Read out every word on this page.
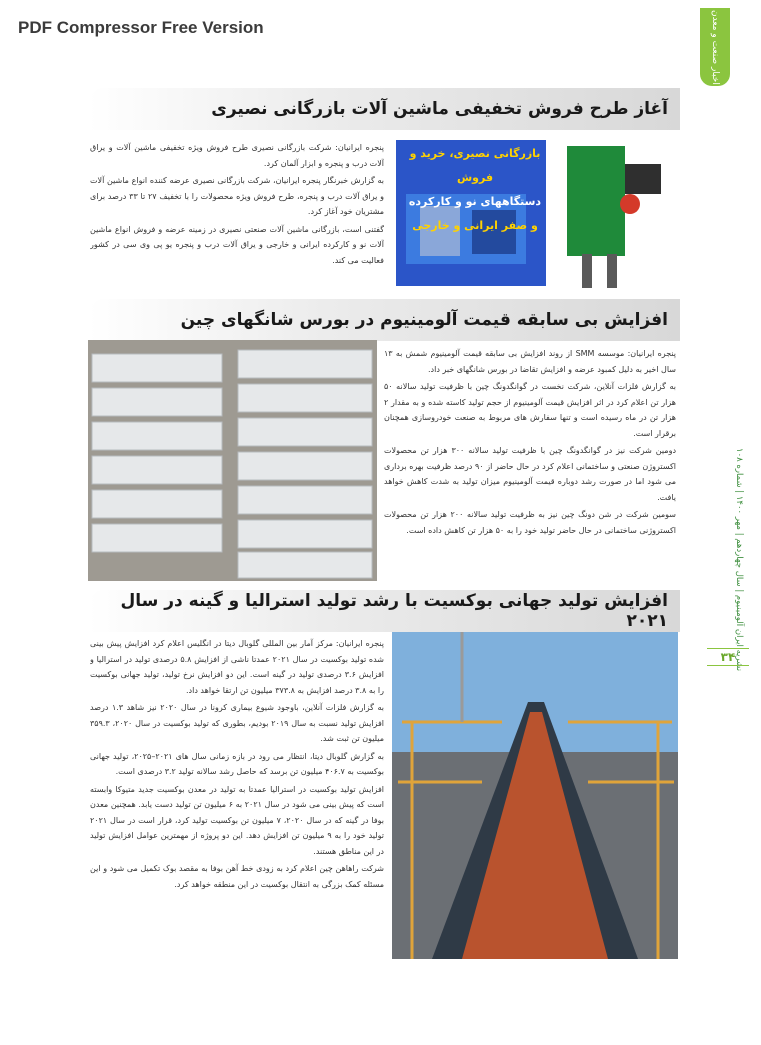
PDF Compressor Free Version	اخبار صنعت و معدن
نشریه ایران آلومینیوم | سال چهاردهم | مهر ۱۴۰۰ | شماره ۱۰۸
۳۴
آغاز طرح فروش تخفیفی ماشین آلات بازرگانی نصیری
بازرگانی نصیری، خرید و فروش
دستگاههای نو و کارکرده
و صفر ایرانی و خارجی

پنجره ایرانیان: شرکت بازرگانی نصیری طرح فروش ویژه تخفیفی ماشین آلات و یراق آلات درب و پنجره و ابزار آلمان کرد.

به گزارش خبرنگار پنجره ایرانیان، شرکت بازرگانی نصیری عرضه کننده انواع ماشین آلات و یراق آلات درب و پنجره، طرح فروش ویژه محصولات را با تخفیف ۲۷ تا ۳۳ درصد برای مشتریان خود آغاز کرد.

گفتنی است، بازرگانی ماشین آلات صنعتی نصیری در زمینه عرضه و فروش انواع ماشین آلات نو و کارکرده ایرانی و خارجی و یراق آلات درب و پنجره یو پی وی سی در کشور فعالیت می کند.

افزایش بی سابقه قیمت آلومینیوم در بورس شانگهای چین

پنجره ایرانیان: موسسه SMM از روند افزایش بی سابقه قیمت آلومینیوم شمش به ۱۳ سال اخیر به دلیل کمبود عرضه و افزایش تقاضا در بورس شانگهای خبر داد.

به گزارش فلزات آنلاین، شرکت نخست در گوانگدونگ چین با ظرفیت تولید سالانه ۵۰ هزار تن اعلام کرد در اثر افزایش قیمت آلومینیوم از حجم تولید کاسته شده و به مقدار ۲ هزار تن در ماه رسیده است و تنها سفارش های مربوط به صنعت خودروسازی همچنان برقرار است.

دومین شرکت نیز در گوانگدونگ چین با ظرفیت تولید سالانه ۳۰۰ هزار تن محصولات اکستروژن صنعتی و ساختمانی اعلام کرد در حال حاضر از ۹۰ درصد ظرفیت بهره برداری می شود اما در صورت رشد دوباره قیمت آلومینیوم میزان تولید به شدت کاهش خواهد یافت.

سومین شرکت در شن دونگ چین نیز به ظرفیت تولید سالانه ۲۰۰ هزار تن محصولات اکستروژنی ساختمانی در حال حاضر تولید خود را به ۵۰ هزار تن کاهش داده است.

افزایش تولید جهانی بوکسیت با رشد تولید استرالیا و گینه در سال ۲۰۲۱

پنجره ایرانیان: مرکز آمار بین المللی گلوبال دیتا در انگلیس اعلام کرد افزایش پیش بینی شده تولید بوکسیت در سال ۲۰۲۱ عمدتا ناشی از افزایش ۵.۸ درصدی تولید در استرالیا و افزایش ۳.۶ درصدی تولید در گینه است. این دو افزایش نرخ تولید، تولید جهانی بوکسیت را به ۳.۸ درصد افزایش به ۳۷۳.۸ میلیون تن ارتقا خواهد داد.

به گزارش فلزات آنلاین، باوجود شیوع بیماری کرونا در سال ۲۰۲۰ نیز شاهد ۱.۳ درصد افزایش تولید نسبت به سال ۲۰۱۹ بودیم، بطوری که تولید بوکسیت در سال ۲۰۲۰، ۳۵۹.۳ میلیون تن ثبت شد.

به گزارش گلوبال دیتا، انتظار می رود در بازه زمانی سال های ۲۰۲۱–۲۰۲۵، تولید جهانی بوکسیت به ۴۰۶.۷ میلیون تن برسد که حاصل رشد سالانه تولید ۳.۲ درصدی است.

افزایش تولید بوکسیت در استرالیا عمدتا به تولید در معدن بوکسیت جدید متیوکا وابسته است که پیش بینی می شود در سال ۲۰۲۱ به ۶ میلیون تن تولید دست یابد. همچنین معدن بوفا در گینه که در سال ۲۰۲۰، ۷ میلیون تن بوکسیت تولید کرد، قرار است در سال ۲۰۲۱ تولید خود را به ۹ میلیون تن افزایش دهد. این دو پروژه از مهمترین عوامل افزایش تولید در این مناطق هستند.

شرکت راهاهن چین اعلام کرد به زودی خط آهن بوفا به مقصد بوک تکمیل می شود و این مسئله کمک بزرگی به انتقال بوکسیت در این منطقه خواهد کرد.
